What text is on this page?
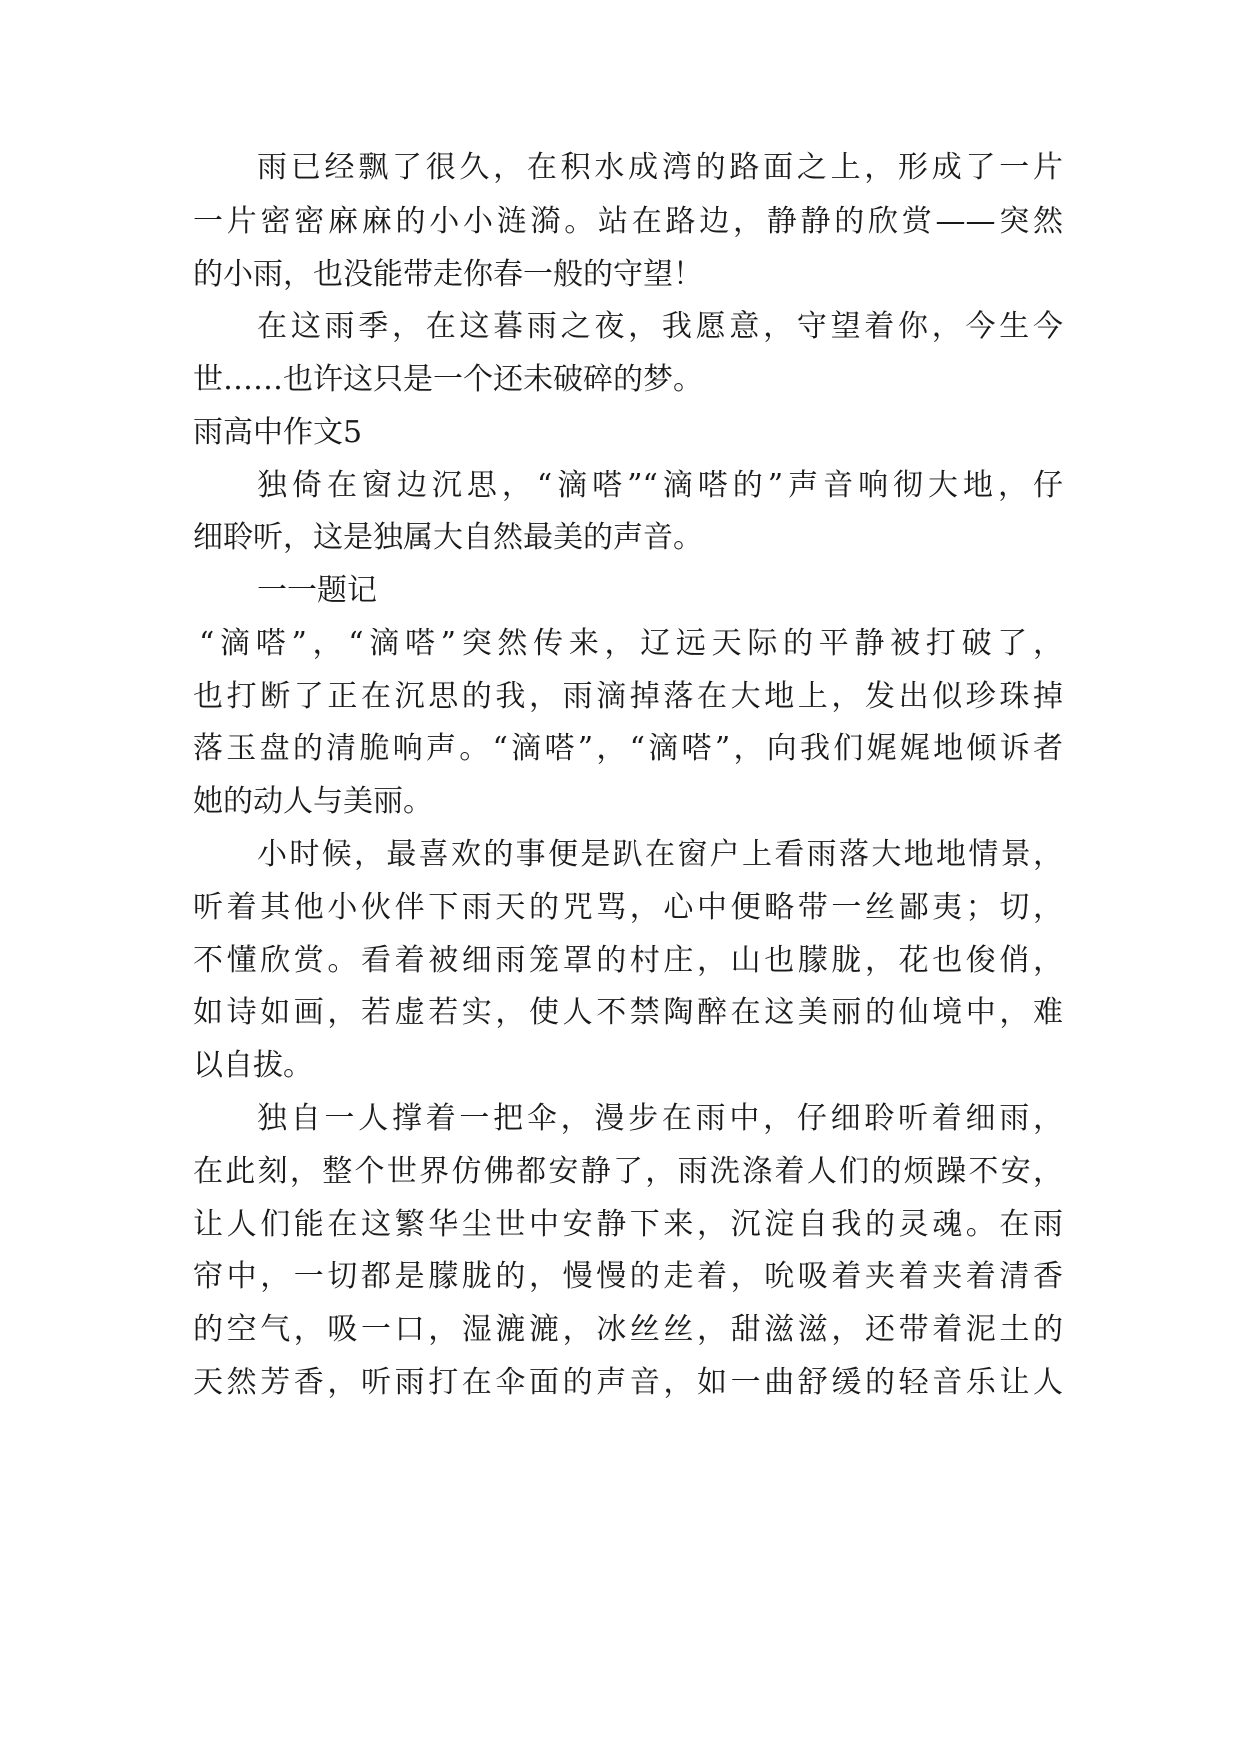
雨已经飘了很久，在积水成湾的路面之上，形成了一片
一片密密麻麻的小小涟漪。站在路边，静静的欣赏——突然
的小雨，也没能带走你春一般的守望！
在这雨季，在这暮雨之夜，我愿意，守望着你，今生今
世……也许这只是一个还未破碎的梦。
雨高中作文5
独倚在窗边沉思，“滴嗒”“滴嗒的”声音响彻大地，仔
细聆听，这是独属大自然最美的声音。
一一题记
“滴嗒”，“滴嗒”突然传来，辽远天际的平静被打破了，
也打断了正在沉思的我，雨滴掉落在大地上，发出似珍珠掉
落玉盘的清脆响声。“滴嗒”，“滴嗒”，向我们娓娓地倾诉者
她的动人与美丽。
小时候，最喜欢的事便是趴在窗户上看雨落大地地情景，
听着其他小伙伴下雨天的咒骂，心中便略带一丝鄙夷；切，
不懂欣赏。看着被细雨笼罩的村庄，山也朦胧，花也俊俏，
如诗如画，若虚若实，使人不禁陶醉在这美丽的仙境中，难
以自拔。
独自一人撑着一把伞，漫步在雨中，仔细聆听着细雨，
在此刻，整个世界仿佛都安静了，雨洗涤着人们的烦躁不安，
让人们能在这繁华尘世中安静下来，沉淀自我的灵魂。在雨
帘中，一切都是朦胧的，慢慢的走着，吮吸着夹着夹着清香
的空气，吸一口，湿漉漉，冰丝丝，甜滋滋，还带着泥土的
天然芳香，听雨打在伞面的声音，如一曲舒缓的轻音乐让人
